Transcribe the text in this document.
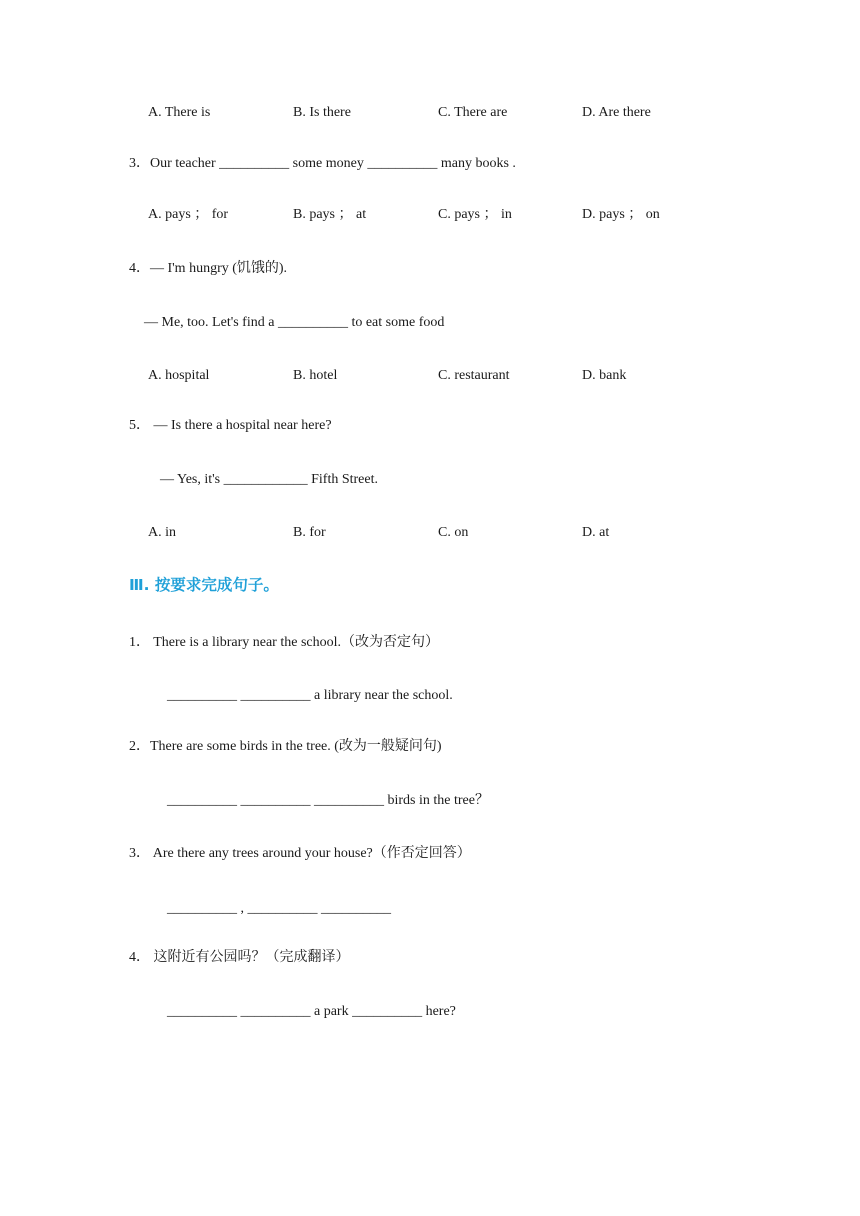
A. There is	B. Is there	C. There are	D. Are there
3．Our teacher __________ some money __________ many books .
A. pays ； for	B. pays ； at	C. pays ； in	D. pays ； on
4．— I'm hungry (饥饿的).
— Me, too. Let's find a __________ to eat some food
A. hospital	B. hotel	C. restaurant	D. bank
5． — Is there a hospital near here?
— Yes, it's ____________ Fifth Street.
A. in	B. for	C. on	D. at
Ⅲ. 按要求完成句子。
1． There is a library near the school.（改为否定句）
__________ __________ a library near the school.
2．There are some birds in the tree. (改为一般疑问句)
__________ __________ __________ birds in the tree？
3． Are there any trees around your house?（作否定回答）
__________ , __________ __________
4． 这附近有公园吗？（完成翻译）
__________ __________ a park __________ here?
